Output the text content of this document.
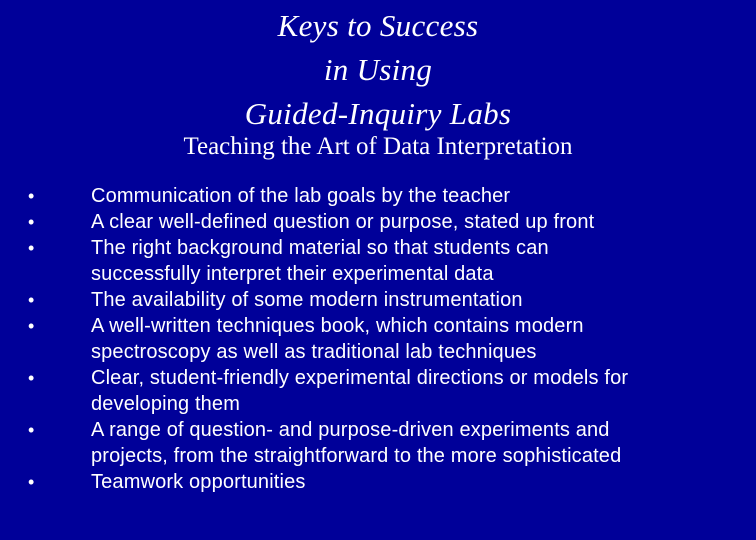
Keys to Success
in Using
Guided-Inquiry Labs
Teaching the Art of Data Interpretation
•	Communication of the lab goals by the teacher
•	A clear well-defined question or purpose, stated up front
•	The right background material so that students can
successfully interpret their experimental data
•	The availability of some modern instrumentation
•	A well-written techniques book, which contains modern
spectroscopy as well as traditional lab techniques
•	Clear, student-friendly experimental directions or models for
developing them
•	A range of question- and purpose-driven experiments and
projects, from the straightforward to the more sophisticated
•	Teamwork opportunities
